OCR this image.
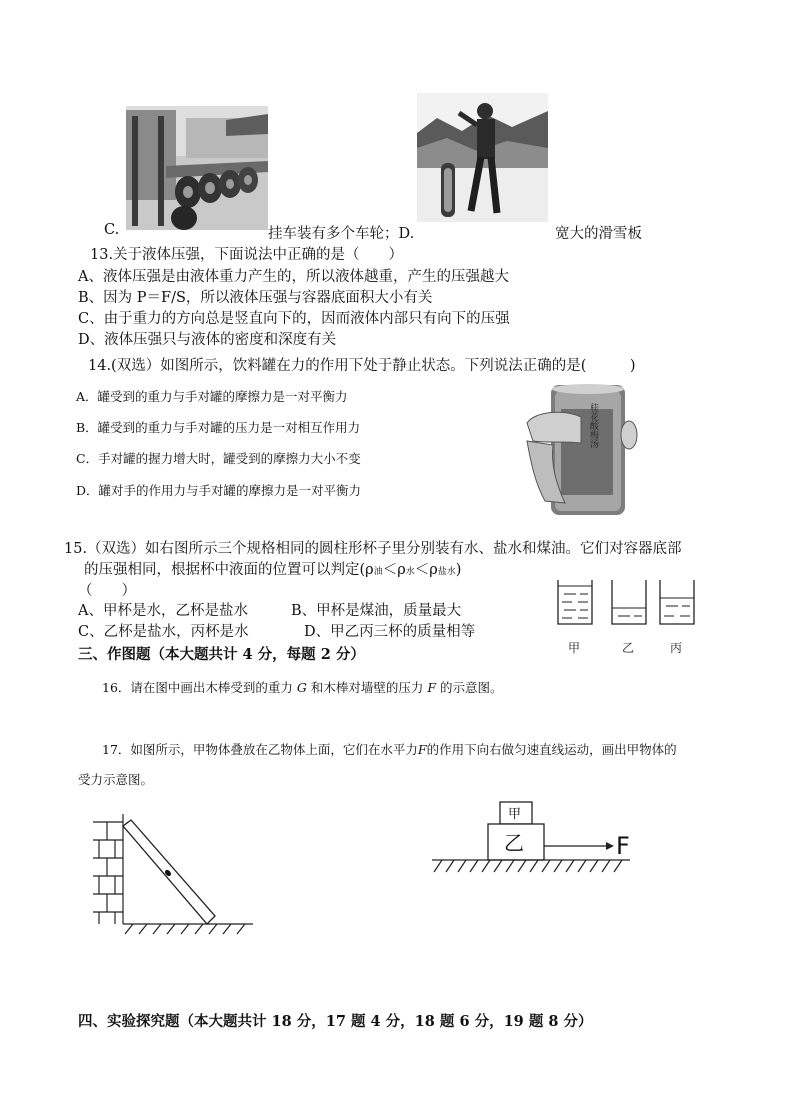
C.	挂车装有多个车轮；D.	宽大的滑雪板
13.关于液体压强，下面说法中正确的是（　　）
A、液体压强是由液体重力产生的，所以液体越重，产生的压强越大
B、因为 P＝F/S，所以液体压强与容器底面积大小有关
C、由于重力的方向总是竖直向下的，因而液体内部只有向下的压强
D、液体压强只与液体的密度和深度有关
14.(双选）如图所示，饮料罐在力的作用下处于静止状态。下列说法正确的是(　　　)
A．罐受到的重力与手对罐的摩擦力是一对平衡力
B．罐受到的重力与手对罐的压力是一对相互作用力
C．手对罐的握力增大时，罐受到的摩擦力大小不变
D．罐对手的作用力与手对罐的摩擦力是一对平衡力
桂花酸梅汤
15.（双选）如右图所示三个规格相同的圆柱形杯子里分别装有水、盐水和煤油。它们对容器底部
的压强相同，根据杯中液面的位置可以判定(ρ油＜ρ水＜ρ盐水)
（　　）
A、甲杯是水，乙杯是盐水	B、甲杯是煤油，质量最大
C、乙杯是盐水，丙杯是水	D、甲乙丙三杯的质量相等
甲	乙	丙
三、作图题（本大题共计 4 分，每题 2 分）
16．请在图中画出木棒受到的重力 G 和木棒对墙壁的压力 F 的示意图。
17．如图所示，甲物体叠放在乙物体上面，它们在水平力F的作用下向右做匀速直线运动，画出甲物体的
受力示意图。
甲
乙	F
四、实验探究题（本大题共计 18 分，17 题 4 分，18 题 6 分，19 题 8 分）
